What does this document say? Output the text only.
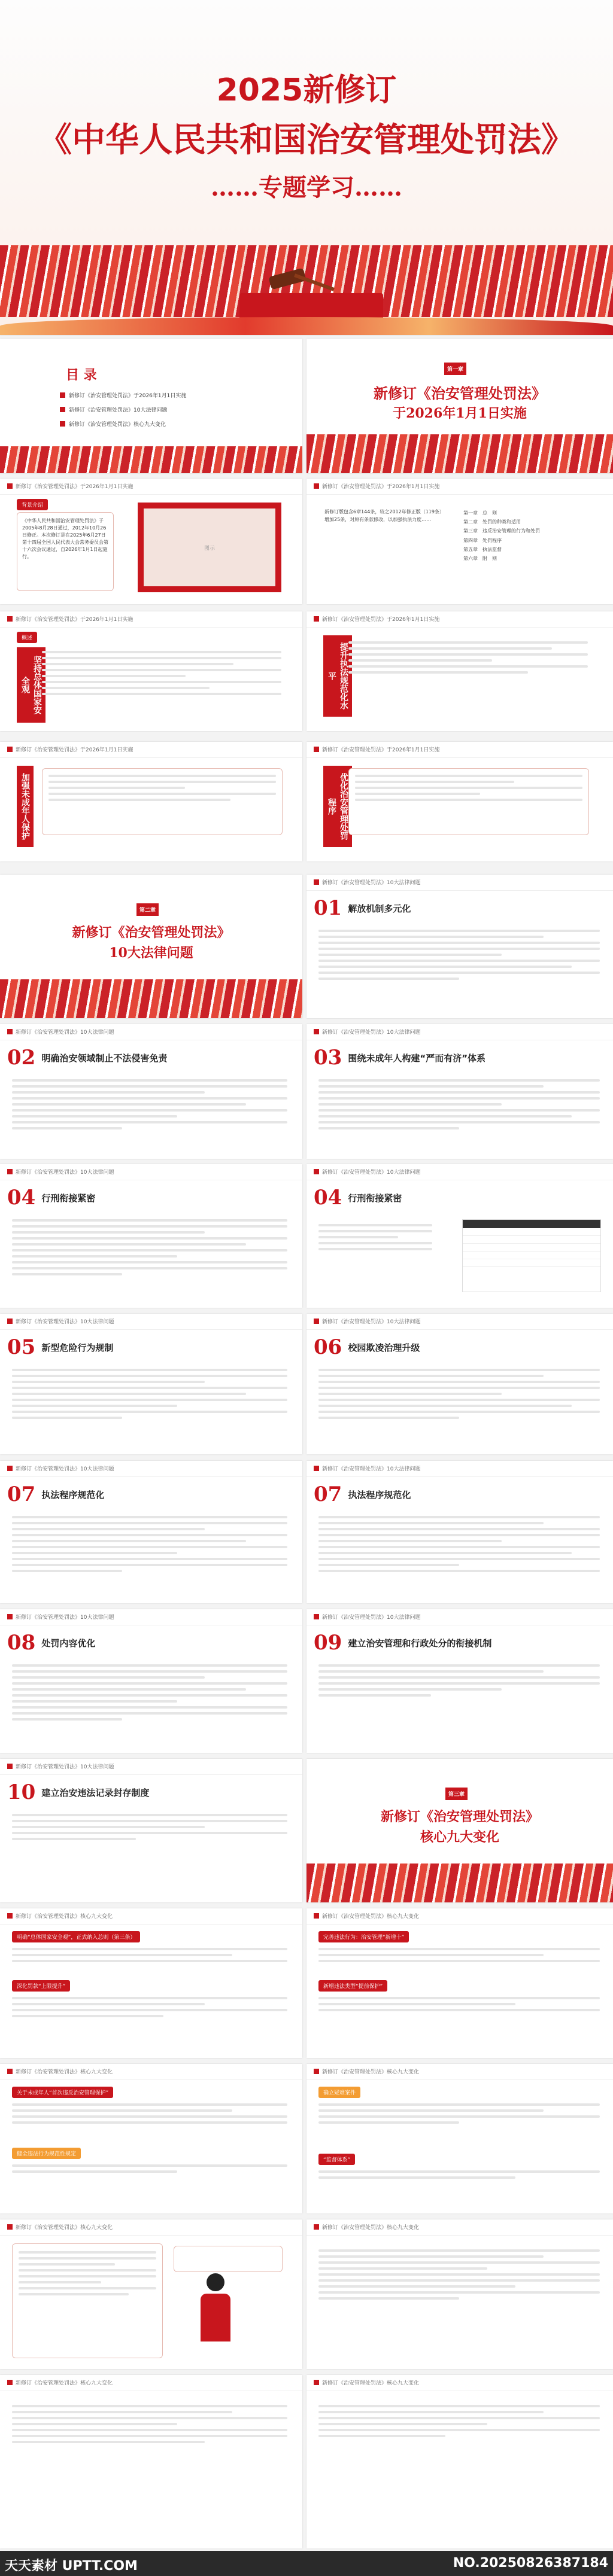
2025新修订
《中华人民共和国治安管理处罚法》
……专题学习……
目 录
新修订《治安管理处罚法》于2026年1月1日实施
新修订《治安管理处罚法》10大法律问题
新修订《治安管理处罚法》核心九大变化
第一章
新修订《治安管理处罚法》
于2026年1月1日实施
新修订《治安管理处罚法》于2026年1月1日实施
背景介绍
《中华人民共和国治安管理处罚法》于2005年8月28日通过，2012年10月26日修正。本次修订是在2025年6月27日第十四届全国人民代表大会常务委员会第十六次会议通过，自2026年1月1日起施行。
图示
新修订《治安管理处罚法》于2026年1月1日实施
新修订版包含6章144条，较之2012年修正版（119条）增加25条，对原有条款修改，以加强执法力度……
第一章　 总　则
第二章　 处罚的种类和适用
第三章　 违反治安管理的行为和处罚
第四章　 处罚程序
第五章　 执法监督
第六章　 附　则
新修订《治安管理处罚法》于2026年1月1日实施
概述
坚持总体国家安全观
新修订《治安管理处罚法》于2026年1月1日实施
提升执法规范化水平
新修订《治安管理处罚法》于2026年1月1日实施
加强未成年人保护
新修订《治安管理处罚法》于2026年1月1日实施
优化治安管理处罚程序
第二章
新修订《治安管理处罚法》
10大法律问题
新修订《治安管理处罚法》10大法律问题
01 解放机制多元化
新修订《治安管理处罚法》10大法律问题
02 明确治安领域制止不法侵害免责
新修订《治安管理处罚法》10大法律问题
03 围绕未成年人构建“严而有济”体系
新修订《治安管理处罚法》10大法律问题
04 行刑衔接紧密
新修订《治安管理处罚法》10大法律问题
04 行刑衔接紧密
新修订《治安管理处罚法》10大法律问题
05 新型危险行为规制
新修订《治安管理处罚法》10大法律问题
06 校园欺凌治理升级
新修订《治安管理处罚法》10大法律问题
07 执法程序规范化
新修订《治安管理处罚法》10大法律问题
07 执法程序规范化
新修订《治安管理处罚法》10大法律问题
08 处罚内容优化
新修订《治安管理处罚法》10大法律问题
09 建立治安管理和行政处分的衔接机制
新修订《治安管理处罚法》10大法律问题
10 建立治安违法记录封存制度	第三章
新修订《治安管理处罚法》
核心九大变化
新修订《治安管理处罚法》核心九大变化
明确“总体国家安全观”，正式纳入总则（第三条）
深化罚款“上限提升”
新修订《治安管理处罚法》核心九大变化
完善违法行为：治安管理“新增十”
新增违法类型“提前保护”
新修订《治安管理处罚法》核心九大变化
关于未成年人“首次违反治安管理保护”
健全违法行为规范性规定
新修订《治安管理处罚法》核心九大变化
确立疑难案件
“监督体系”
新修订《治安管理处罚法》核心九大变化	新修订《治安管理处罚法》核心九大变化
新修订《治安管理处罚法》核心九大变化	新修订《治安管理处罚法》核心九大变化
天天素材 UPTT.COM	NO.20250826387184
